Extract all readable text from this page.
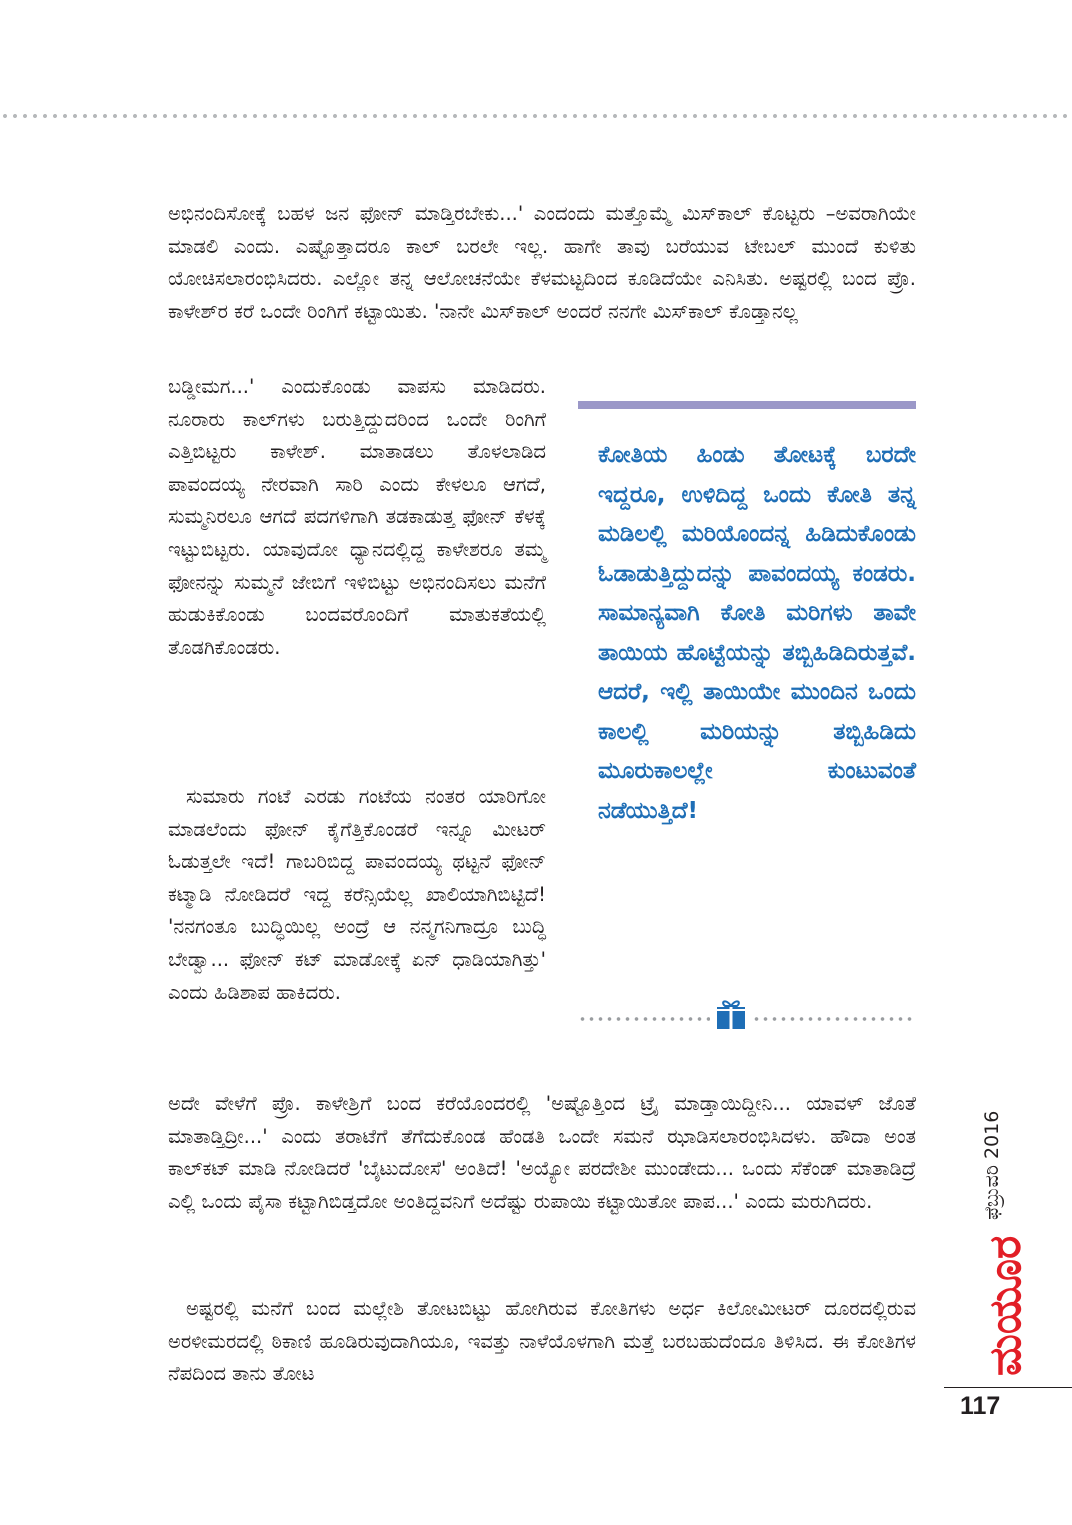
ಅಭಿನಂದಿಸೋಕ್ಕೆ ಬಹಳ ಜನ ಫೋನ್ ಮಾಡ್ತಿರಬೇಕು...' ಎಂದಂದು ಮತ್ತೊಮ್ಮೆ ಮಿಸ್‌ಕಾಲ್ ಕೊಟ್ಟರು –ಅವರಾಗಿಯೇ ಮಾಡಲಿ ಎಂದು. ಎಷ್ಟೊತ್ತಾದರೂ ಕಾಲ್ ಬರಲೇ ಇಲ್ಲ. ಹಾಗೇ ತಾವು ಬರೆಯುವ ಟೇಬಲ್ ಮುಂದೆ ಕುಳಿತು ಯೋಚಿಸಲಾರಂಭಿಸಿದರು. ಎಲ್ಲೋ ತನ್ನ ಆಲೋಚನೆಯೇ ಕೆಳಮಟ್ಟದಿಂದ ಕೂಡಿದೆಯೇ ಎನಿಸಿತು. ಅಷ್ಟರಲ್ಲಿ ಬಂದ ಪ್ರೊ. ಕಾಳೇಶ್‌ರ ಕರೆ ಒಂದೇ ರಿಂಗಿಗೆ ಕಟ್ಟಾಯಿತು. 'ನಾನೇ ಮಿಸ್‌ಕಾಲ್ ಅಂದರೆ ನನಗೇ ಮಿಸ್‌ಕಾಲ್ ಕೊಡ್ತಾನಲ್ಲ

ಬಡ್ಡೀಮಗ...' ಎಂದುಕೊಂಡು ವಾಪಸು ಮಾಡಿದರು. ನೂರಾರು ಕಾಲ್‌ಗಳು ಬರುತ್ತಿದ್ದುದರಿಂದ ಒಂದೇ ರಿಂಗಿಗೆ ಎತ್ತಿಬಿಟ್ಟರು ಕಾಳೇಶ್. ಮಾತಾಡಲು ತೊಳಲಾಡಿದ ಪಾವಂದಯ್ಯ ನೇರವಾಗಿ ಸಾರಿ ಎಂದು ಕೇಳಲೂ ಆಗದೆ, ಸುಮ್ಮನಿರಲೂ ಆಗದೆ ಪದಗಳಿಗಾಗಿ ತಡಕಾಡುತ್ತ ಫೋನ್ ಕೆಳಕ್ಕೆ ಇಟ್ಟುಬಿಟ್ಟರು. ಯಾವುದೋ ಧ್ಯಾನದಲ್ಲಿದ್ದ ಕಾಳೇಶರೂ ತಮ್ಮ ಫೋನನ್ನು ಸುಮ್ಮನೆ ಜೇಬಿಗೆ ಇಳಿಬಿಟ್ಟು ಅಭಿನಂದಿಸಲು ಮನೆಗೆ ಹುಡುಕಿಕೊಂಡು ಬಂದವರೊಂದಿಗೆ ಮಾತುಕತೆಯಲ್ಲಿ ತೊಡಗಿಕೊಂಡರು.

ಸುಮಾರು ಗಂಟೆ ಎರಡು ಗಂಟೆಯ ನಂತರ ಯಾರಿಗೋ ಮಾಡಲೆಂದು ಫೋನ್ ಕೈಗೆತ್ತಿಕೊಂಡರೆ ಇನ್ನೂ ಮೀಟರ್ ಓಡುತ್ತಲೇ ಇದೆ! ಗಾಬರಿಬಿದ್ದ ಪಾವಂದಯ್ಯ ಥಟ್ಟನೆ ಫೋನ್ ಕಟ್ಮಾಡಿ ನೋಡಿದರೆ ಇದ್ದ ಕರೆನ್ಸಿಯೆಲ್ಲ ಖಾಲಿಯಾಗಿಬಿಟ್ಟಿದೆ! 'ನನಗಂತೂ ಬುದ್ಧಿಯಿಲ್ಲ ಅಂದ್ರೆ ಆ ನನ್ಮಗನಿಗಾದ್ರೂ ಬುದ್ಧಿ ಬೇಡ್ವಾ... ಫೋನ್ ಕಟ್ ಮಾಡೋಕ್ಕೆ ಏನ್ ಧಾಡಿಯಾಗಿತ್ತು' ಎಂದು ಹಿಡಿಶಾಪ ಹಾಕಿದರು.

ಕೋತಿಯ ಹಿಂಡು ತೋಟಕ್ಕೆ ಬರದೇ ಇದ್ದರೂ, ಉಳಿದಿದ್ದ ಒಂದು ಕೋತಿ ತನ್ನ ಮಡಿಲಲ್ಲಿ ಮರಿಯೊಂದನ್ನ ಹಿಡಿದುಕೊಂಡು ಓಡಾಡುತ್ತಿದ್ದುದನ್ನು ಪಾವಂದಯ್ಯ ಕಂಡರು. ಸಾಮಾನ್ಯವಾಗಿ ಕೋತಿ ಮರಿಗಳು ತಾವೇ ತಾಯಿಯ ಹೊಟ್ಟೆಯನ್ನು ತಬ್ಬಿಹಿಡಿದಿರುತ್ತವೆ. ಆದರೆ, ಇಲ್ಲಿ ತಾಯಿಯೇ ಮುಂದಿನ ಒಂದು ಕಾಲಲ್ಲಿ ಮರಿಯನ್ನು ತಬ್ಬಿಹಿಡಿದು ಮೂರುಕಾಲಲ್ಲೇ ಕುಂಟುವಂತೆ ನಡೆಯುತ್ತಿದೆ!

ಅದೇ ವೇಳೆಗೆ ಪ್ರೊ. ಕಾಳೇಶ್ರಿಗೆ ಬಂದ ಕರೆಯೊಂದರಲ್ಲಿ 'ಅಷ್ಟೊತ್ತಿಂದ ಟ್ರೈ ಮಾಡ್ತಾಯಿದ್ದೀನಿ... ಯಾವಳ್ ಜೊತೆ ಮಾತಾಡ್ತಿದ್ರೀ...' ಎಂದು ತರಾಟೆಗೆ ತೆಗೆದುಕೊಂಡ ಹೆಂಡತಿ ಒಂದೇ ಸಮನೆ ಝಾಡಿಸಲಾರಂಭಿಸಿದಳು. ಹೌದಾ ಅಂತ ಕಾಲ್‌ಕಟ್ ಮಾಡಿ ನೋಡಿದರೆ 'ಬೈಟುದೋಸೆ' ಅಂತಿದೆ! 'ಅಯ್ಯೋ ಪರದೇಶೀ ಮುಂಡೇದು... ಒಂದು ಸೆಕೆಂಡ್ ಮಾತಾಡಿದ್ರೆ ಎಲ್ಲಿ ಒಂದು ಪೈಸಾ ಕಟ್ಟಾಗಿಬಿಡ್ತದೋ ಅಂತಿದ್ದವನಿಗೆ ಅದೆಷ್ಟು ರುಪಾಯಿ ಕಟ್ಟಾಯಿತೋ ಪಾಪ...' ಎಂದು ಮರುಗಿದರು.

ಅಷ್ಟರಲ್ಲಿ ಮನೆಗೆ ಬಂದ ಮಲ್ಲೇಶಿ ತೋಟಬಿಟ್ಟು ಹೋಗಿರುವ ಕೋತಿಗಳು ಅರ್ಧ ಕಿಲೋಮೀಟರ್ ದೂರದಲ್ಲಿರುವ ಅರಳೀಮರದಲ್ಲಿ ಠಿಕಾಣಿ ಹೂಡಿರುವುದಾಗಿಯೂ, ಇವತ್ತು ನಾಳೆಯೊಳಗಾಗಿ ಮತ್ತೆ ಬರಬಹುದೆಂದೂ ತಿಳಿಸಿದ. ಈ ಕೋತಿಗಳ ನೆಪದಿಂದ ತಾನು ತೋಟ	ಮಯೂರ
ಫೆಬ್ರುವರಿ 2016
117
